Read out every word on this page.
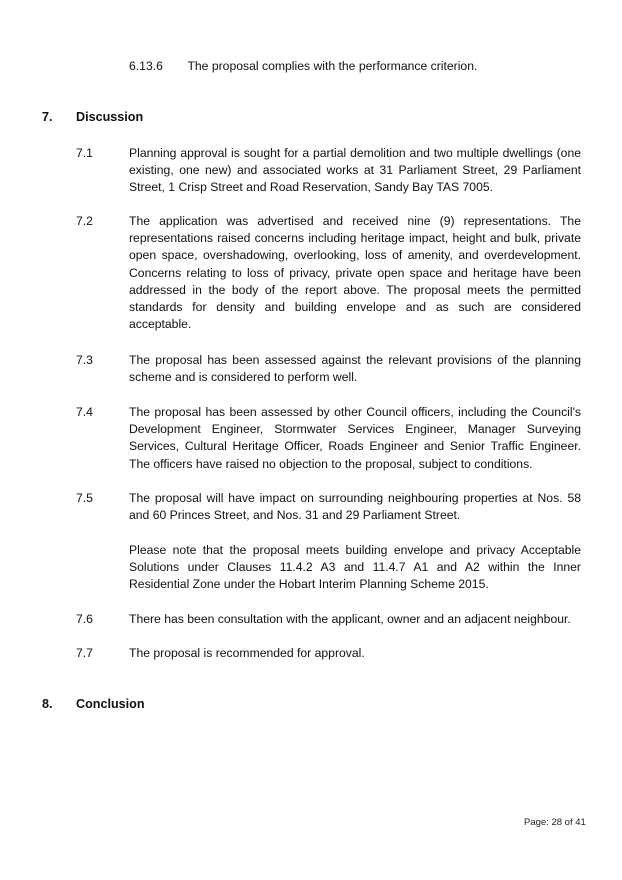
6.13.6 The proposal complies with the performance criterion.
7. Discussion
7.1	Planning approval is sought for a partial demolition and two multiple dwellings (one existing, one new) and associated works at 31 Parliament Street, 29 Parliament Street, 1 Crisp Street and Road Reservation, Sandy Bay TAS 7005.
7.2	The application was advertised and received nine (9) representations. The representations raised concerns including heritage impact, height and bulk, private open space, overshadowing, overlooking, loss of amenity, and overdevelopment. Concerns relating to loss of privacy, private open space and heritage have been addressed in the body of the report above. The proposal meets the permitted standards for density and building envelope and as such are considered acceptable.
7.3	The proposal has been assessed against the relevant provisions of the planning scheme and is considered to perform well.
7.4	The proposal has been assessed by other Council officers, including the Council's Development Engineer, Stormwater Services Engineer, Manager Surveying Services, Cultural Heritage Officer, Roads Engineer and Senior Traffic Engineer. The officers have raised no objection to the proposal, subject to conditions.
7.5	The proposal will have impact on surrounding neighbouring properties at Nos. 58 and 60 Princes Street, and Nos. 31 and 29 Parliament Street.
Please note that the proposal meets building envelope and privacy Acceptable Solutions under Clauses 11.4.2 A3 and 11.4.7 A1 and A2 within the Inner Residential Zone under the Hobart Interim Planning Scheme 2015.
7.6	There has been consultation with the applicant, owner and an adjacent neighbour.
7.7	The proposal is recommended for approval.
8. Conclusion
Page: 28 of 41
